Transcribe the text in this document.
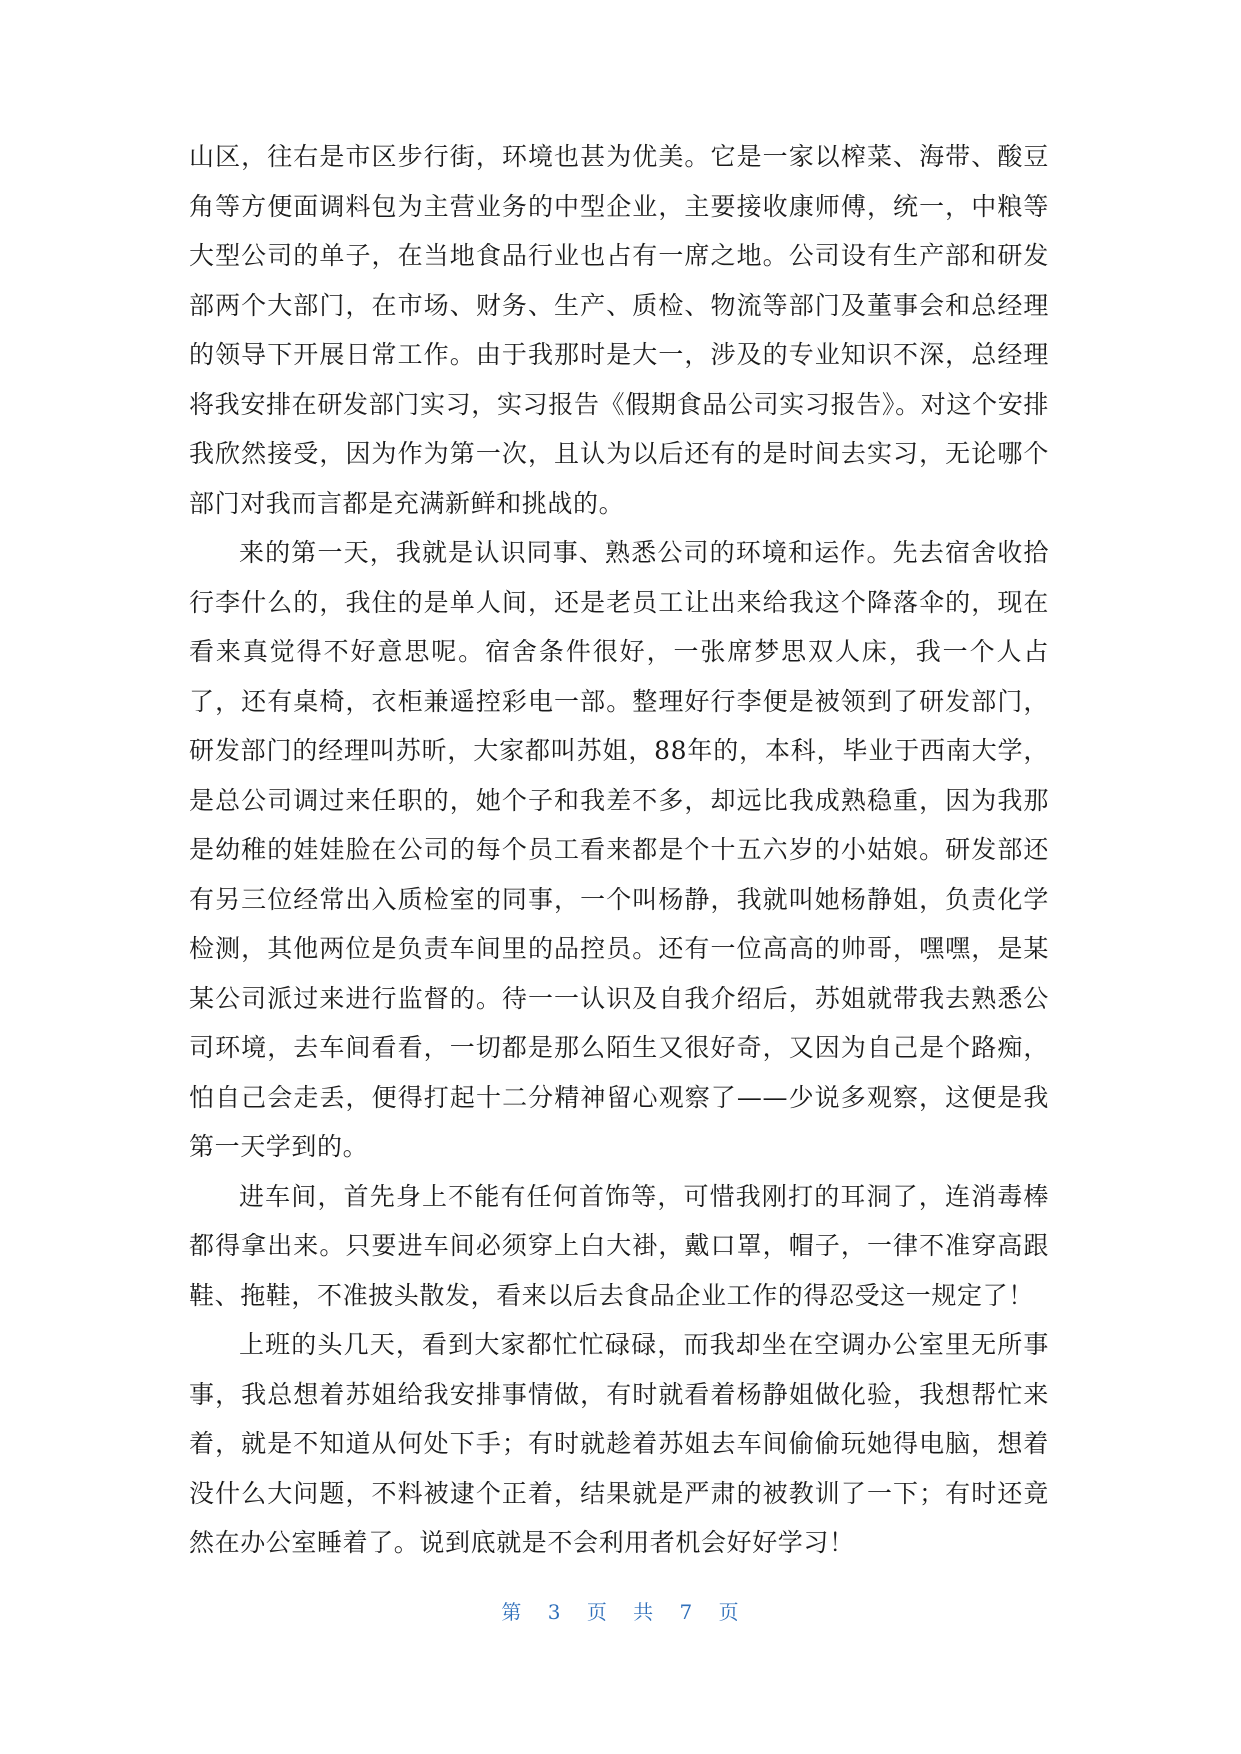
山区，往右是市区步行街，环境也甚为优美。它是一家以榨菜、海带、酸豆角等方便面调料包为主营业务的中型企业，主要接收康师傅，统一，中粮等大型公司的单子，在当地食品行业也占有一席之地。公司设有生产部和研发部两个大部门，在市场、财务、生产、质检、物流等部门及董事会和总经理的领导下开展日常工作。由于我那时是大一，涉及的专业知识不深，总经理将我安排在研发部门实习，实习报告《假期食品公司实习报告》。对这个安排我欣然接受，因为作为第一次，且认为以后还有的是时间去实习，无论哪个部门对我而言都是充满新鲜和挑战的。

来的第一天，我就是认识同事、熟悉公司的环境和运作。先去宿舍收拾行李什么的，我住的是单人间，还是老员工让出来给我这个降落伞的，现在看来真觉得不好意思呢。宿舍条件很好，一张席梦思双人床，我一个人占了，还有桌椅，衣柜兼遥控彩电一部。整理好行李便是被领到了研发部门，研发部门的经理叫苏昕，大家都叫苏姐，88年的，本科，毕业于西南大学，是总公司调过来任职的，她个子和我差不多，却远比我成熟稳重，因为我那是幼稚的娃娃脸在公司的每个员工看来都是个十五六岁的小姑娘。研发部还有另三位经常出入质检室的同事，一个叫杨静，我就叫她杨静姐，负责化学检测，其他两位是负责车间里的品控员。还有一位高高的帅哥，嘿嘿，是某某公司派过来进行监督的。待一一认识及自我介绍后，苏姐就带我去熟悉公司环境，去车间看看，一切都是那么陌生又很好奇，又因为自己是个路痴，怕自己会走丢，便得打起十二分精神留心观察了——少说多观察，这便是我第一天学到的。

进车间，首先身上不能有任何首饰等，可惜我刚打的耳洞了，连消毒棒都得拿出来。只要进车间必须穿上白大褂，戴口罩，帽子，一律不准穿高跟鞋、拖鞋，不准披头散发，看来以后去食品企业工作的得忍受这一规定了！

上班的头几天，看到大家都忙忙碌碌，而我却坐在空调办公室里无所事事，我总想着苏姐给我安排事情做，有时就看着杨静姐做化验，我想帮忙来着，就是不知道从何处下手；有时就趁着苏姐去车间偷偷玩她得电脑，想着没什么大问题，不料被逮个正着，结果就是严肃的被教训了一下；有时还竟然在办公室睡着了。说到底就是不会利用者机会好好学习！

第 3 页 共 7 页
